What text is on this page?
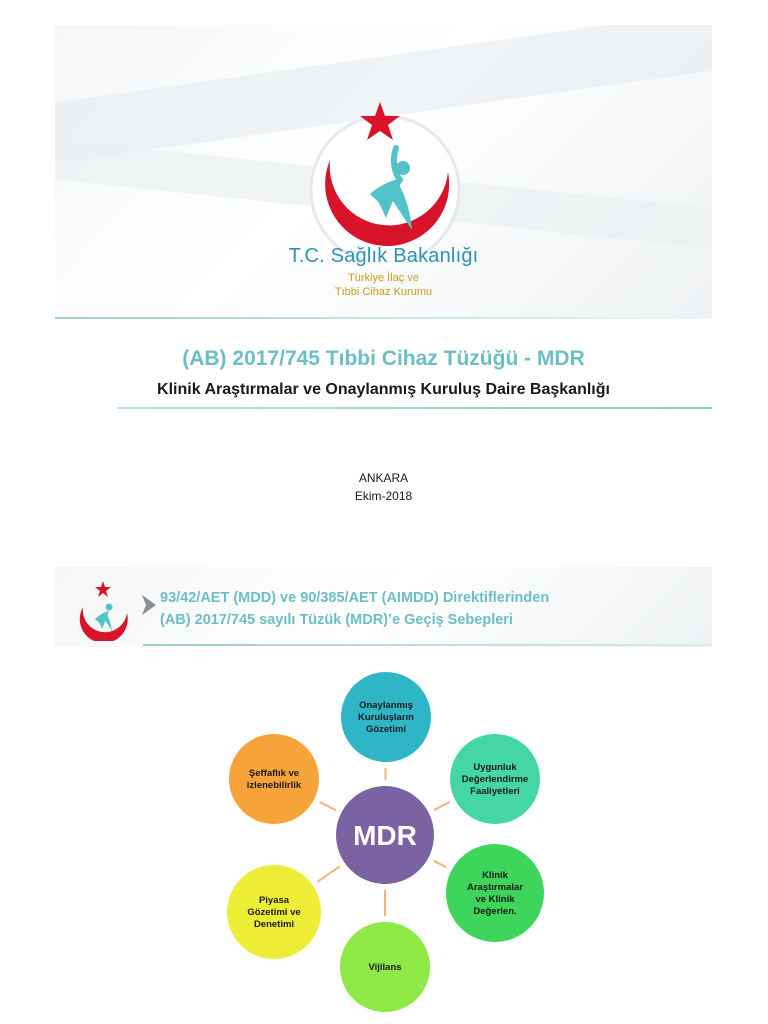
T.C. Sağlık Bakanlığı
Türkiye İlaç ve
Tıbbi Cihaz Kurumu
(AB) 2017/745 Tıbbi Cihaz Tüzüğü - MDR
Klinik Araştırmalar ve Onaylanmış Kuruluş Daire Başkanlığı
ANKARA
Ekim-2018
93/42/AET (MDD) ve 90/385/AET (AIMDD) Direktiflerinden
(AB) 2017/745 sayılı Tüzük (MDR)’e Geçiş Sebepleri
Onaylanmış
Kuruluşların
Gözetimi
Uygunluk
Değerlendirme
Faaliyetleri
Klinik
Araştırmalar
ve Klinik
Değerlen.
Vijilans
Piyasa
Gözetimi ve
Denetimi
Şeffaflık ve
izlenebilirlik
MDR
